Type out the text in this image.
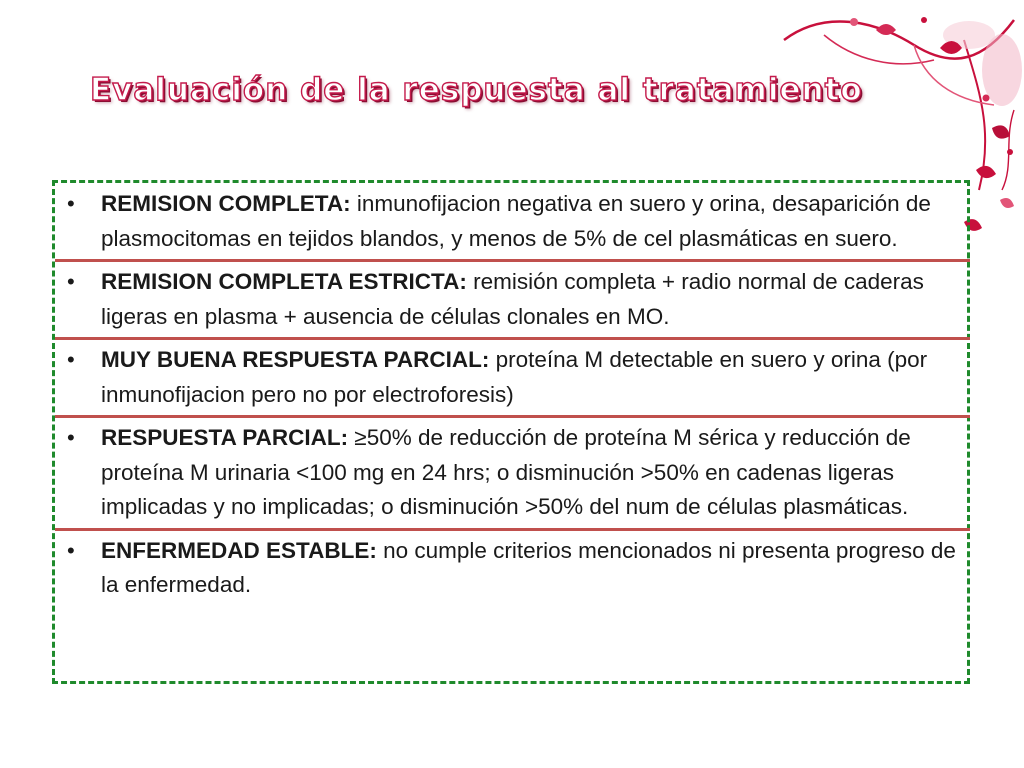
Evaluación de la respuesta al tratamiento
• REMISION COMPLETA: inmunofijacion negativa en suero y orina, desaparición de plasmocitomas en tejidos blandos, y menos de 5% de cel plasmáticas en suero.
• REMISION COMPLETA ESTRICTA: remisión completa + radio normal de caderas ligeras en plasma + ausencia de células clonales en MO.
• MUY BUENA RESPUESTA PARCIAL: proteína M detectable en suero y orina (por inmunofijacion pero no por electroforesis)
• RESPUESTA PARCIAL: ≥50% de reducción de proteína M sérica y reducción de proteína M urinaria <100 mg en 24 hrs; o disminución >50% en cadenas ligeras implicadas y no implicadas; o disminución >50% del num de células plasmáticas.
• ENFERMEDAD ESTABLE: no cumple criterios mencionados ni presenta progreso de la enfermedad.
